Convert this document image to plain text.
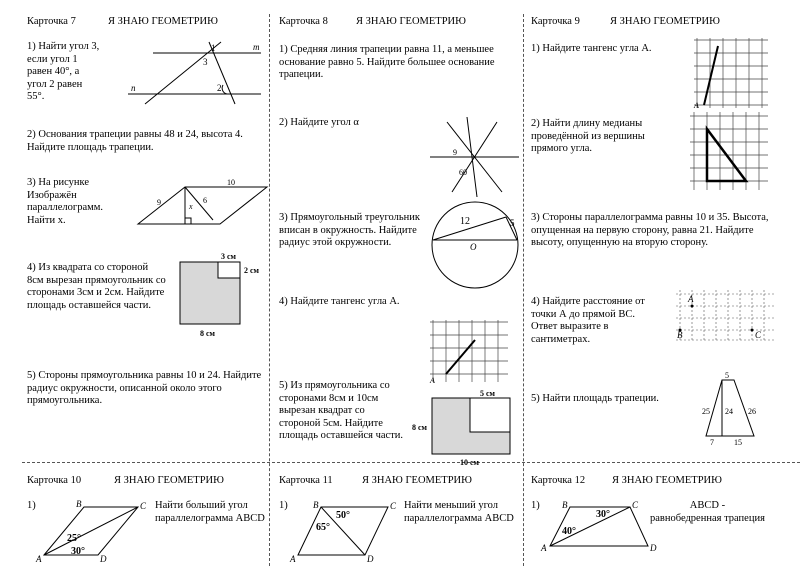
Карточка 7	Я ЗНАЮ ГЕОМЕТРИЮ
1) Найти угол 3,
если угол 1
равен 40°, а
угол 2 равен
55°.
1
3
2
m
n
2) Основания трапеции равны 48 и 24, высота 4.
Найдите площадь трапеции.
3) На рисунке
Изображён
параллелограмм.
Найти х.
10
9	6
x
4) Из квадрата со стороной
8см вырезан прямоугольник со
сторонами 3см и 2см. Найдите
площадь оставшейся части.
3 см
2 см
8 см
5) Стороны прямоугольника равны 10 и 24. Найдите
радиус окружности, описанной около этого
прямоугольника.
Карточка 8	Я ЗНАЮ ГЕОМЕТРИЮ
1) Средняя линия трапеции равна 11, а меньшее
основание равно 5. Найдите большее основание
трапеции.
2) Найдите угол α
9
60
3) Прямоугольный треугольник
вписан в окружность. Найдите
радиус этой окружности.
12	5
O
4) Найдите тангенс угла А.
A
5) Из прямоугольника со
сторонами 8см и 10см
вырезан квадрат со
стороной 5см. Найдите
площадь оставшейся части.
5 см
8 см
10 см
Карточка 9	Я ЗНАЮ ГЕОМЕТРИЮ
1) Найдите тангенс угла А.
A
2) Найти длину медианы
проведённой из вершины
прямого угла.
3) Стороны параллелограмма равны 10 и 35. Высота,
опущенная на первую сторону, равна 21. Найдите
высоту, опущенную на вторую сторону.
4) Найдите расстояние от
точки А до прямой ВС.
Ответ выразите в
сантиметрах.
A
B	C
5) Найти площадь трапеции.
5
25 24 26
7	15
Карточка 10	Я ЗНАЮ ГЕОМЕТРИЮ
1)	Найти больший угол
параллелограмма АВСD
B	C
A	D
25°
30°
Карточка 11	Я ЗНАЮ ГЕОМЕТРИЮ
1)	Найти меньший угол
параллелограмма АВСD
B	C
A	D
50°
65°
Карточка 12	Я ЗНАЮ ГЕОМЕТРИЮ
1)	ABCD -
равнобедренная трапеция
B	C
A	D
30°
40°
